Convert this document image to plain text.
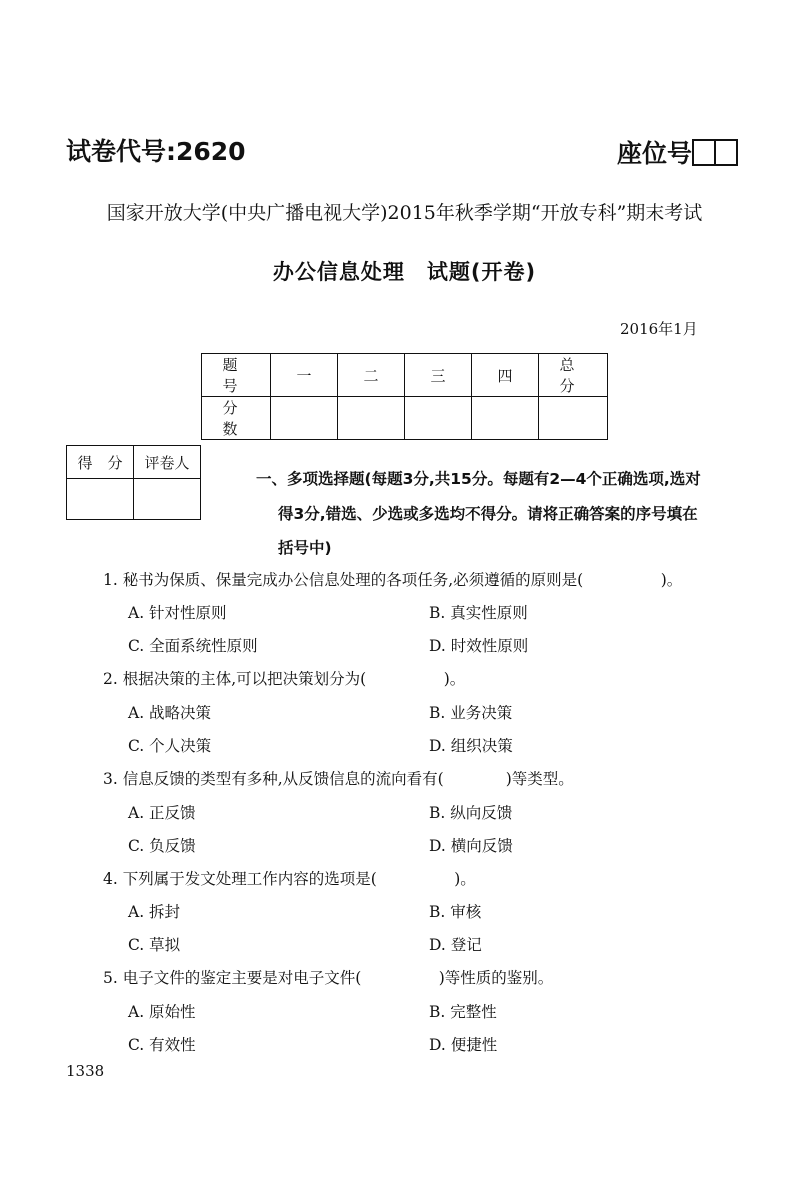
试卷代号:2620	座位号
国家开放大学(中央广播电视大学)2015年秋季学期“开放专科”期末考试
办公信息处理　试题(开卷)
2016年1月
题　号	一	二	三	四	总　分
分　数					
得　分	评卷人

一、多项选择题(每题3分,共15分。每题有2—4个正确选项,选对
得3分,错选、少选或多选均不得分。请将正确答案的序号填在
括号中)
1. 秘书为保质、保量完成办公信息处理的各项任务,必须遵循的原则是(　　　　　)。
A. 针对性原则	B. 真实性原则
C. 全面系统性原则	D. 时效性原则
2. 根据决策的主体,可以把决策划分为(　　　　　)。
A. 战略决策	B. 业务决策
C. 个人决策	D. 组织决策
3. 信息反馈的类型有多种,从反馈信息的流向看有(　　　　)等类型。
A. 正反馈	B. 纵向反馈
C. 负反馈	D. 横向反馈
4. 下列属于发文处理工作内容的选项是(　　　　　)。
A. 拆封	B. 审核
C. 草拟	D. 登记
5. 电子文件的鉴定主要是对电子文件(　　　　　)等性质的鉴别。
A. 原始性	B. 完整性
C. 有效性	D. 便捷性
1338
